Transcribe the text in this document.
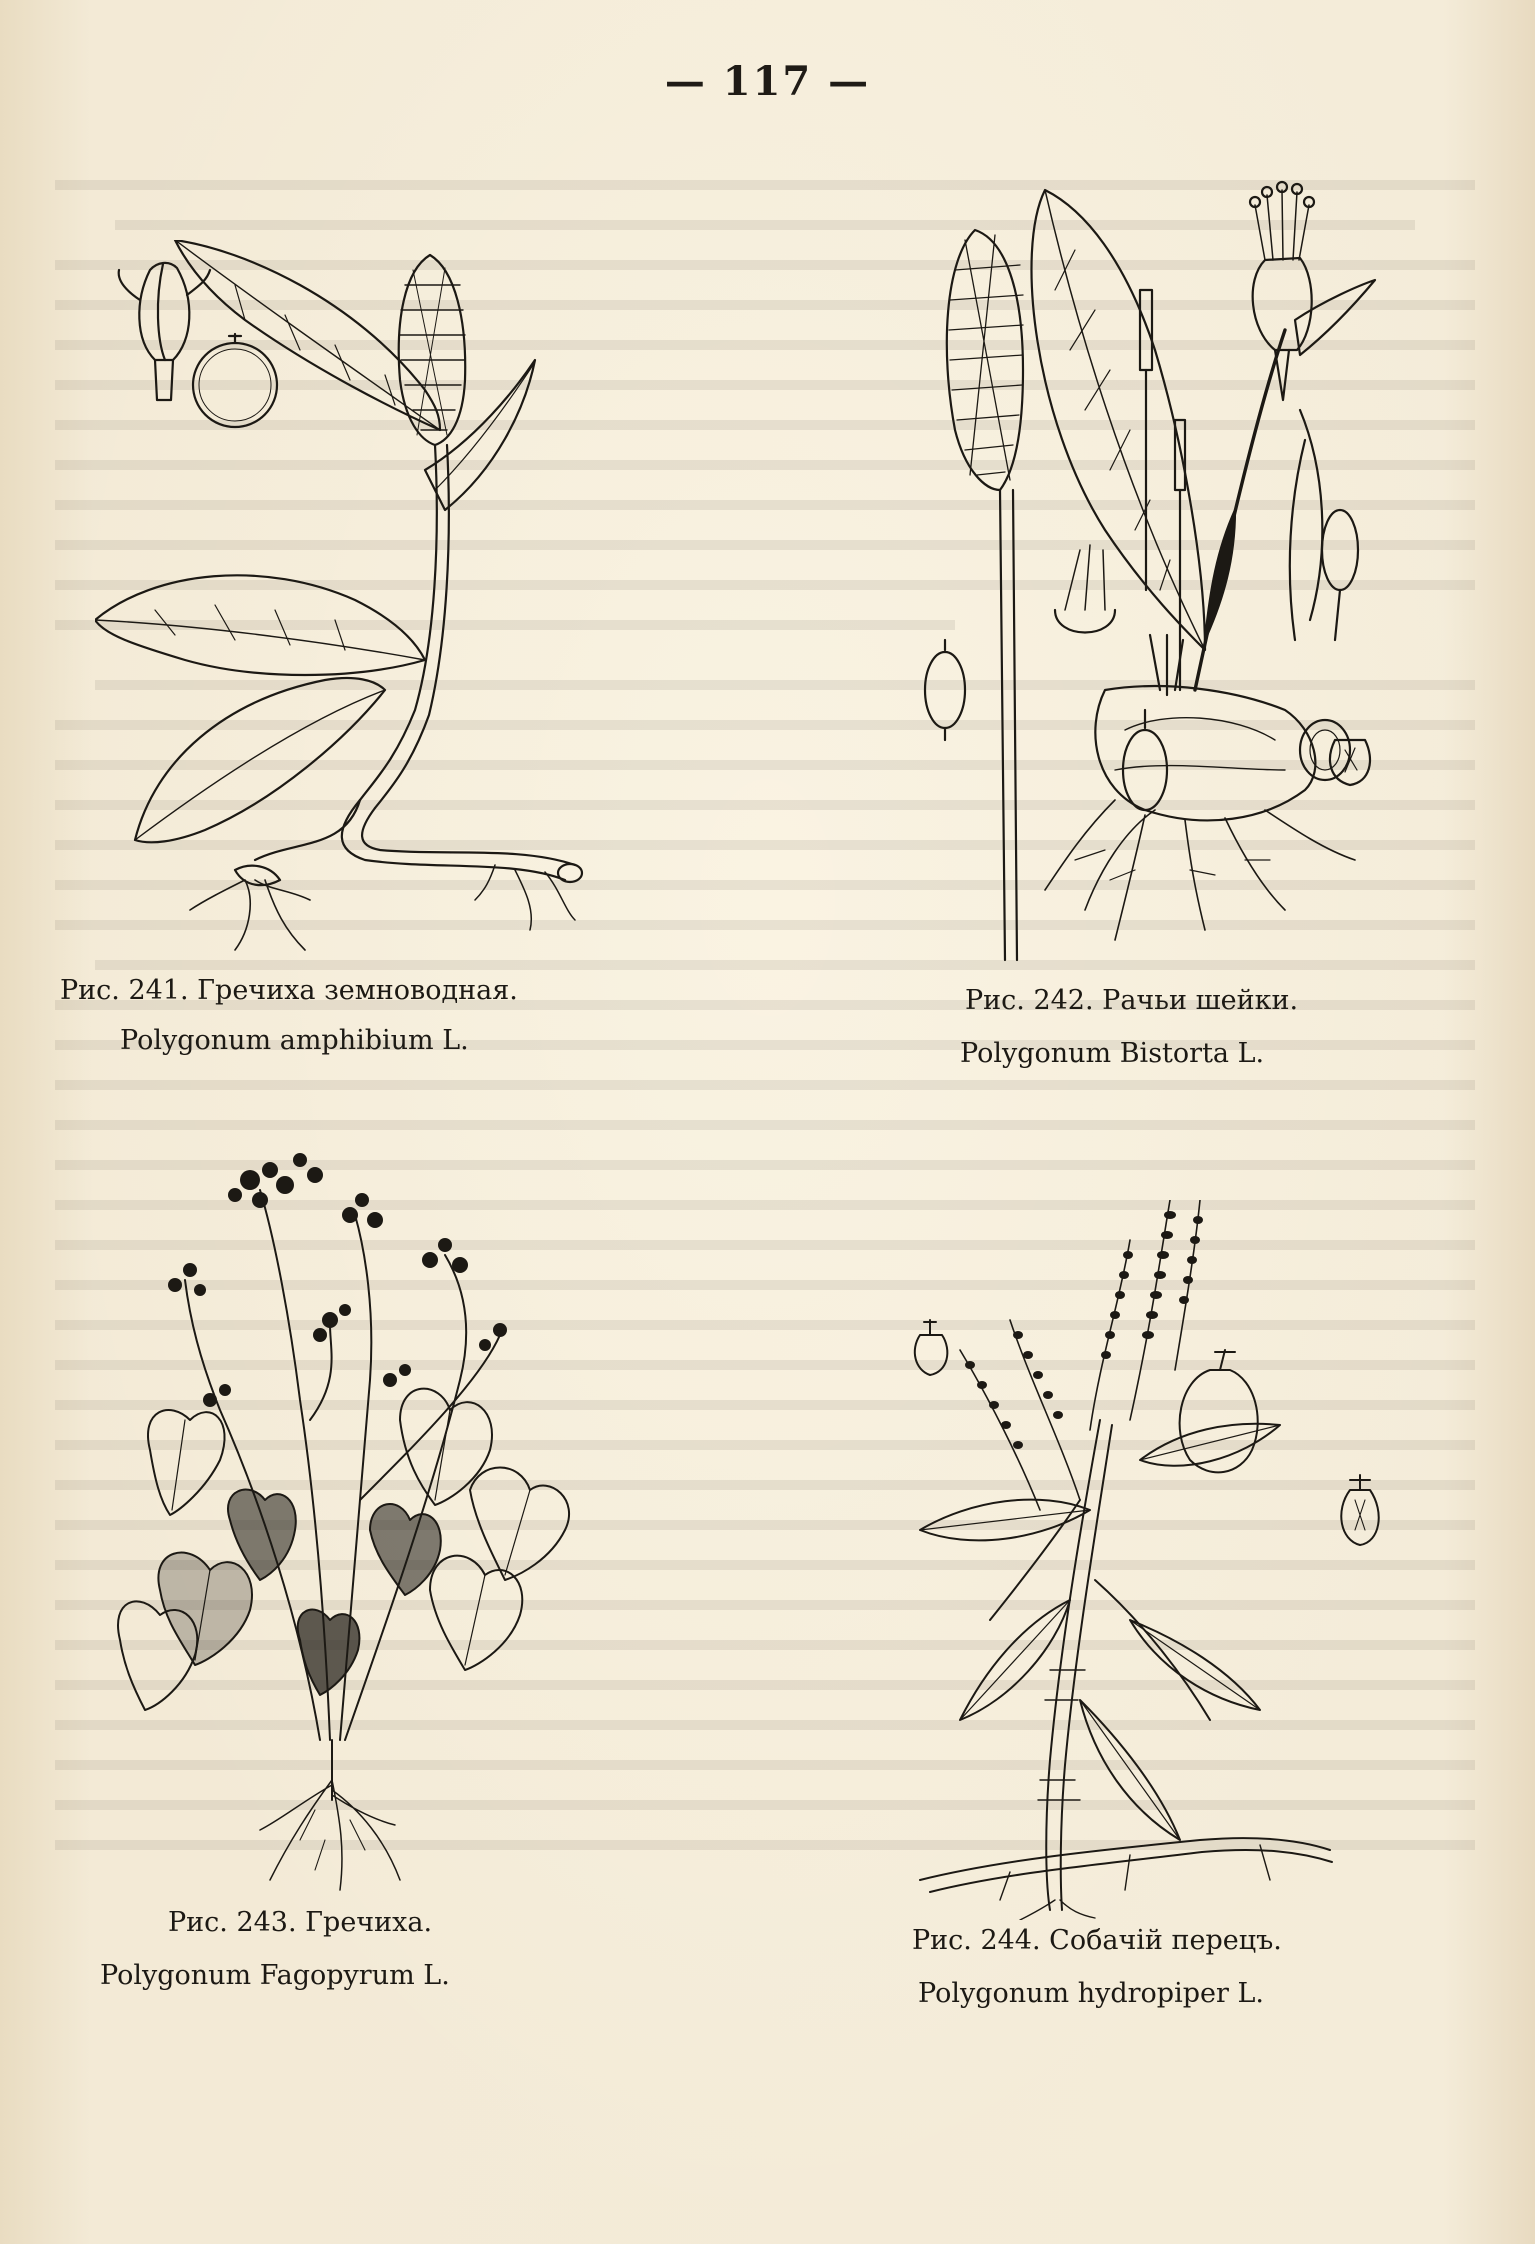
— 117 —
Рис. 241. Гречиха земноводная.
Polygonum amphibium L.
Рис. 242. Рачьи шейки.
Polygonum Bistorta L.
Рис. 243. Гречиха.
Polygonum Fagopyrum L.
Рис. 244. Собачій перецъ.
Polygonum hydropiper L.
